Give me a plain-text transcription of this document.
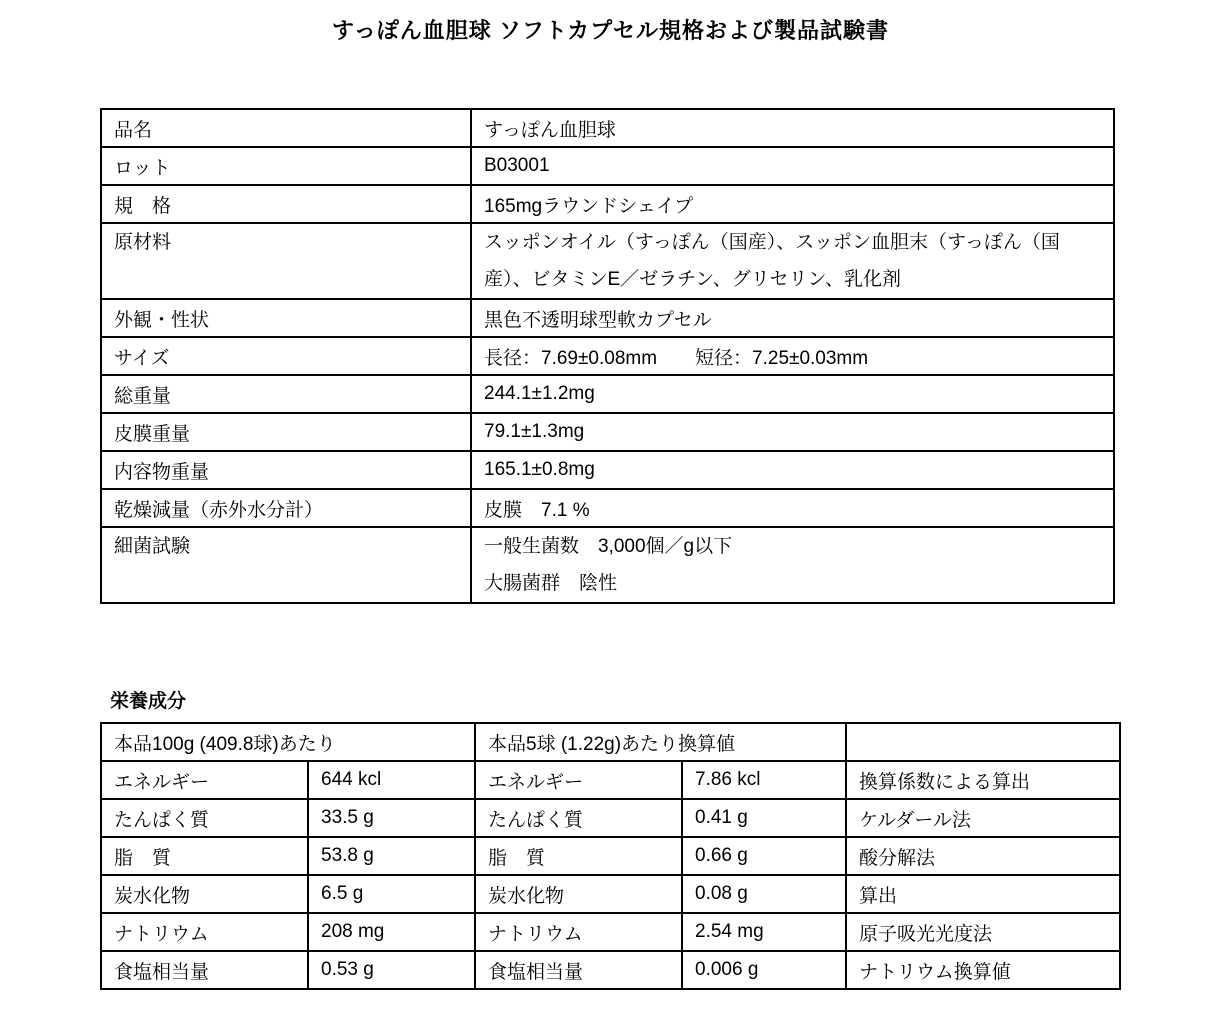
すっぽん血胆球 ソフトカプセル規格および製品試験書
品名	すっぽん血胆球
ロット	B03001
規　格	165mgラウンドシェイプ
原材料	スッポンオイル（すっぽん（国産）、スッポン血胆末（すっぽん（国産）、ビタミンE／ゼラチン、グリセリン、乳化剤
外観・性状	黒色不透明球型軟カプセル
サイズ	長径：7.69±0.08mm　　短径：7.25±0.03mm
総重量	244.1±1.2mg
皮膜重量	79.1±1.3mg
内容物重量	165.1±0.8mg
乾燥減量（赤外水分計）	皮膜　7.1 %
細菌試験	一般生菌数　3,000個／g以下
大腸菌群　陰性
栄養成分
本品100g (409.8球)あたり		本品5球 (1.22g)あたり換算値		
エネルギー	644 kcl	エネルギー	7.86 kcl	換算係数による算出
たんぱく質	33.5 g	たんぱく質	0.41 g	ケルダール法
脂　質	53.8 g	脂　質	0.66 g	酸分解法
炭水化物	6.5 g	炭水化物	0.08 g	算出
ナトリウム	208 mg	ナトリウム	2.54 mg	原子吸光光度法
食塩相当量	0.53 g	食塩相当量	0.006 g	ナトリウム換算値
